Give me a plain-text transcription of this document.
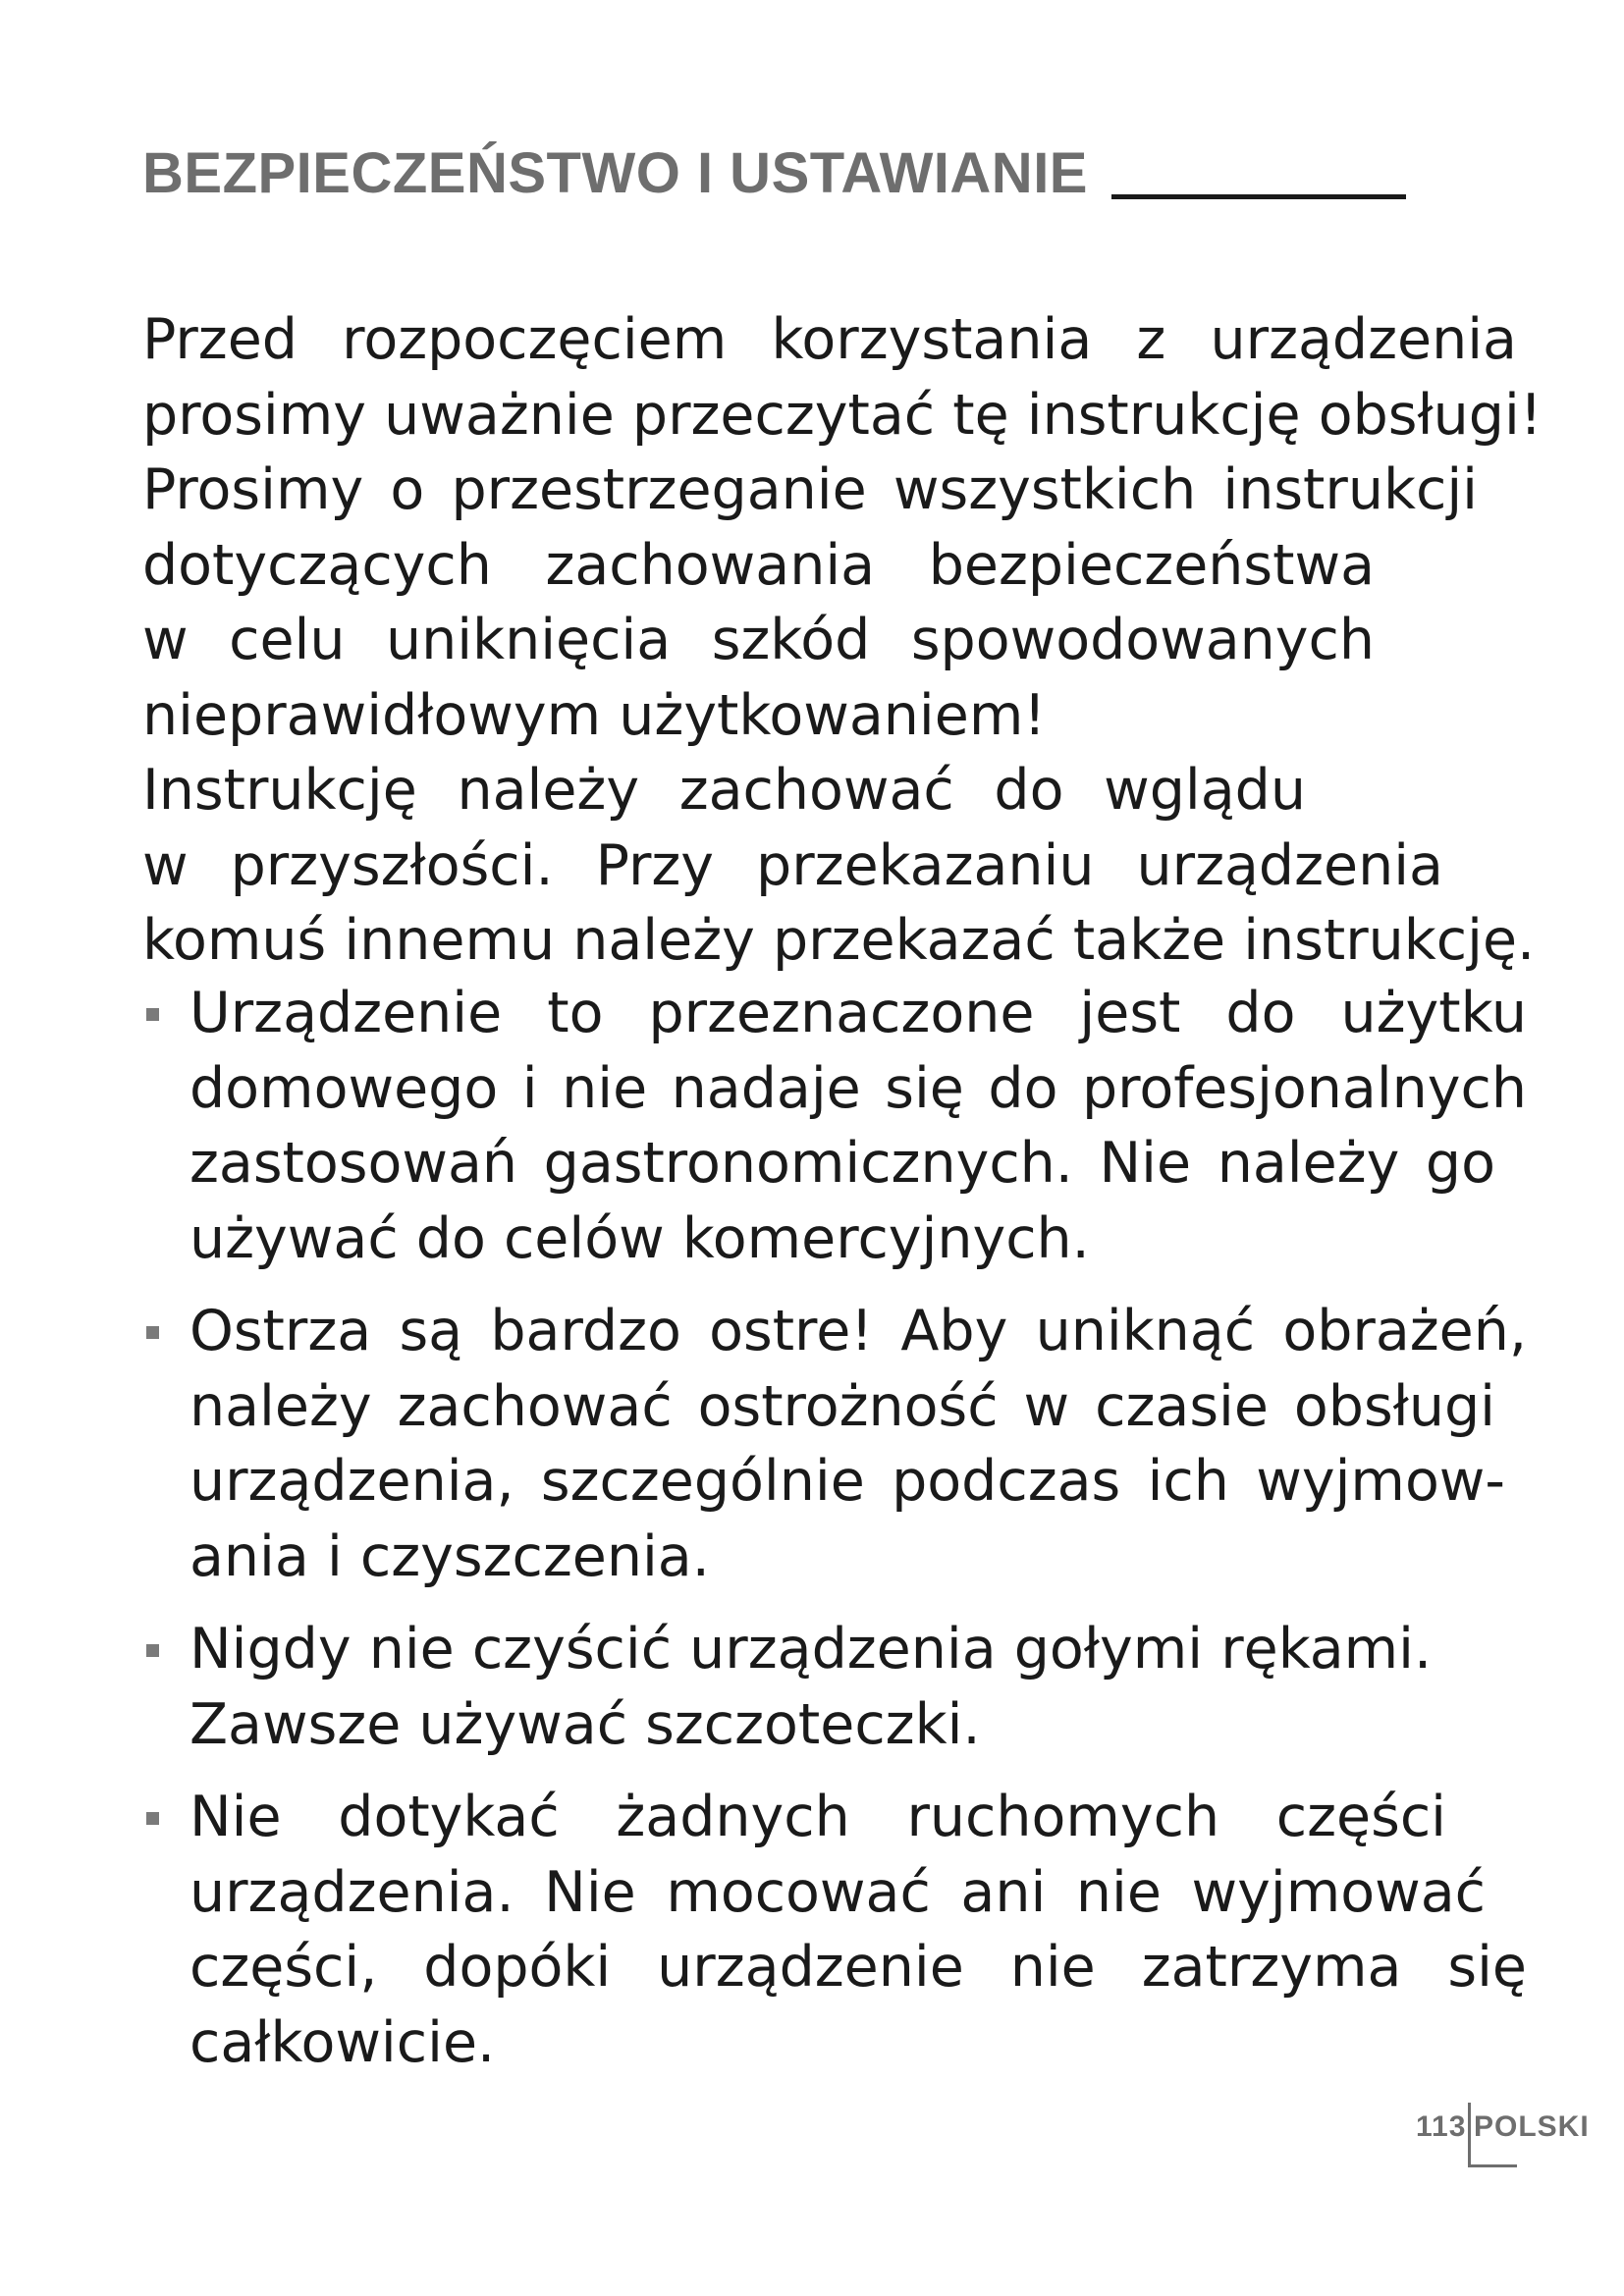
BEZPIECZEŃSTWO I USTAWIANIE
Przed rozpoczęciem korzystania z urządzenia
prosimy uważnie przeczytać tę instrukcję obsługi!
Prosimy o przestrzeganie wszystkich instrukcji
dotyczących zachowania bezpieczeństwa
w celu uniknięcia szkód spowodowanych
nieprawidłowym użytkowaniem!
Instrukcję należy zachować do wglądu
w przyszłości. Przy przekazaniu urządzenia
komuś innemu należy przekazać także instrukcję.
Urządzenie to przeznaczone jest do użytku
domowego i nie nadaje się do profesjonalnych
zastosowań gastronomicznych. Nie należy go
używać do celów komercyjnych.
Ostrza są bardzo ostre! Aby uniknąć obrażeń,
należy zachować ostrożność w czasie obsługi
urządzenia, szczególnie podczas ich wyjmow-
ania i czyszczenia.
Nigdy nie czyścić urządzenia gołymi rękami.
Zawsze używać szczoteczki.
Nie dotykać żadnych ruchomych części
urządzenia. Nie mocować ani nie wyjmować
części, dopóki urządzenie nie zatrzyma się
całkowicie.
113 POLSKI
